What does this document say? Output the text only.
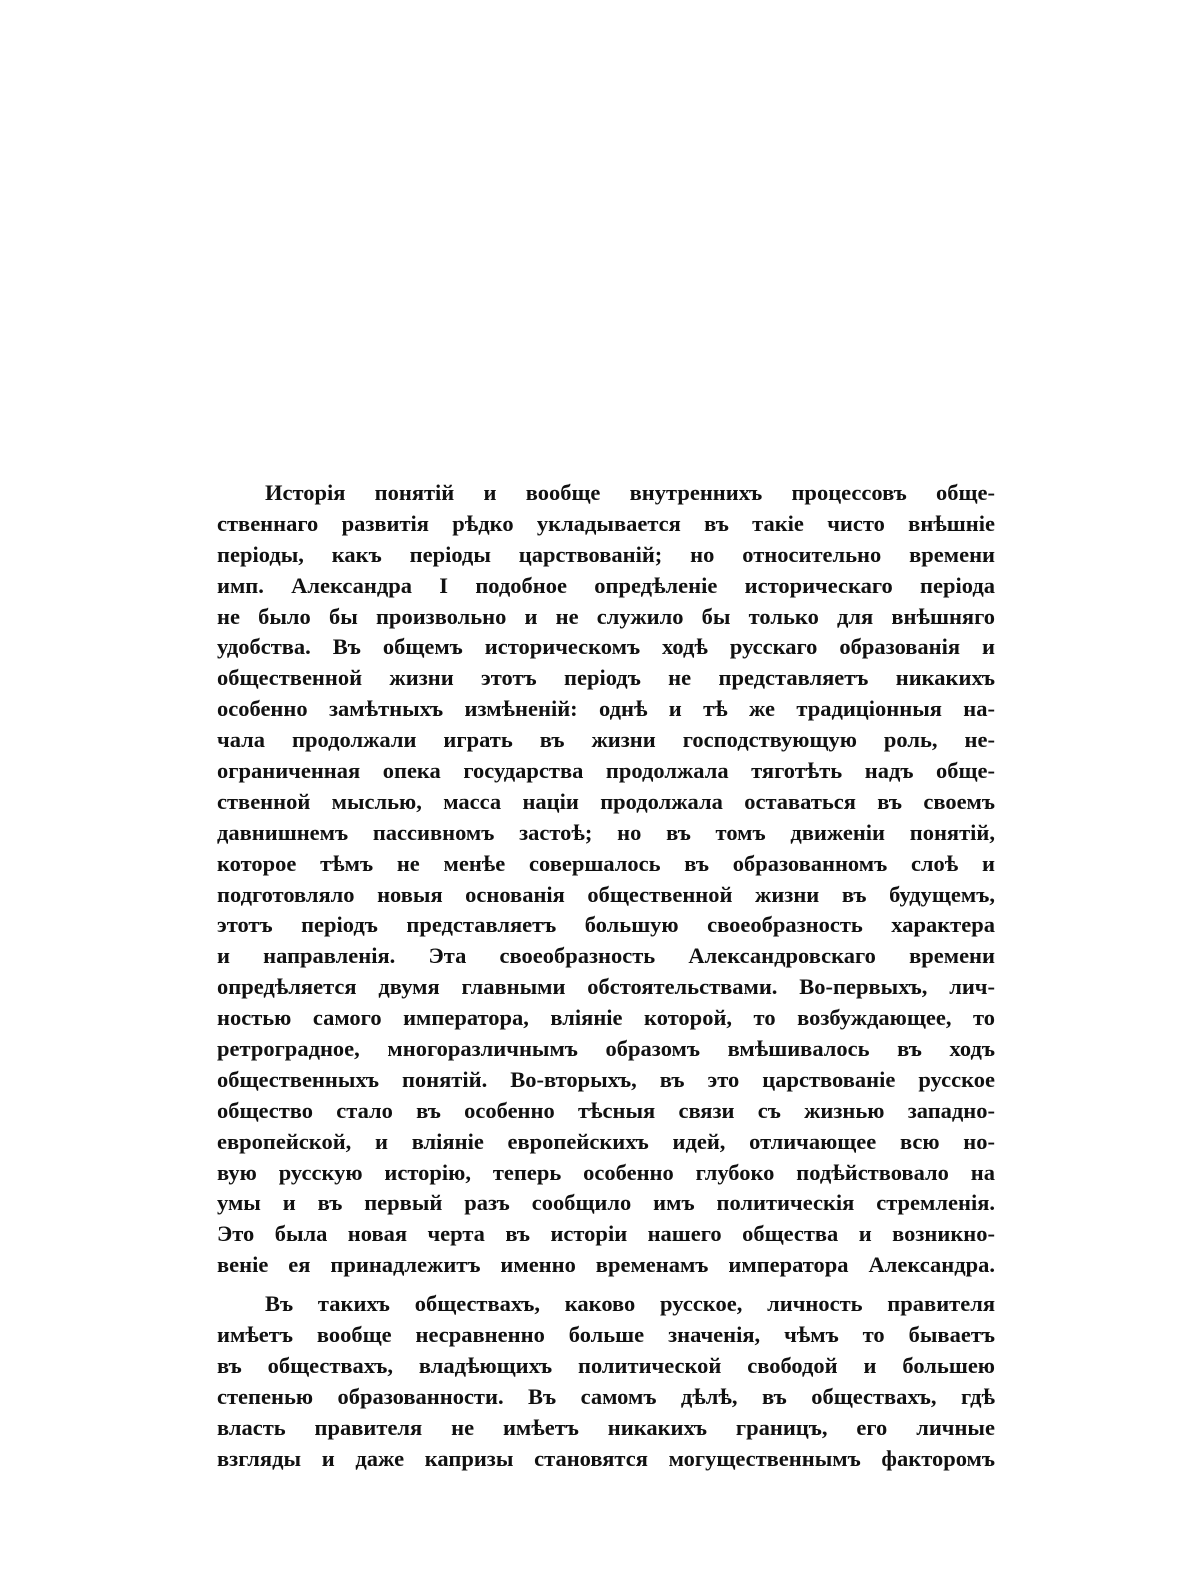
Исторія понятій и вообще внутреннихъ процессовъ обще-
ственнаго развитія рѣдко укладывается въ такіе чисто внѣшніе
періоды, какъ періоды царствованій; но относительно времени
имп. Александра I подобное опредѣленіе историческаго періода
не было бы произвольно и не служило бы только для внѣшняго
удобства. Въ общемъ историческомъ ходѣ русскаго образованія и
общественной жизни этотъ періодъ не представляетъ никакихъ
особенно замѣтныхъ измѣненій: однѣ и тѣ же традиціонныя на-
чала продолжали играть въ жизни господствующую роль, не-
ограниченная опека государства продолжала тяготѣть надъ обще-
ственной мыслью, масса націи продолжала оставаться въ своемъ
давнишнемъ пассивномъ застоѣ; но въ томъ движеніи понятій,
которое тѣмъ не менѣе совершалось въ образованномъ слоѣ и
подготовляло новыя основанія общественной жизни въ будущемъ,
этотъ періодъ представляетъ большую своеобразность характера
и направленія. Эта своеобразность Александровскаго времени
опредѣляется двумя главными обстоятельствами. Во-первыхъ, лич-
ностью самого императора, вліяніе которой, то возбуждающее, то
ретроградное, многоразличнымъ образомъ вмѣшивалось въ ходъ
общественныхъ понятій. Во-вторыхъ, въ это царствованіе русское
общество стало въ особенно тѣсныя связи съ жизнью западно-
европейской, и вліяніе европейскихъ идей, отличающее всю но-
вую русскую исторію, теперь особенно глубоко подѣйствовало на
умы и въ первый разъ сообщило имъ политическія стремленія.
Это была новая черта въ исторіи нашего общества и возникно-
веніе ея принадлежитъ именно временамъ императора Александра.
Въ такихъ обществахъ, каково русское, личность правителя
имѣетъ вообще несравненно больше значенія, чѣмъ то бываетъ
въ обществахъ, владѣющихъ политической свободой и большею
степенью образованности. Въ самомъ дѣлѣ, въ обществахъ, гдѣ
власть правителя не имѣетъ никакихъ границъ, его личные
взгляды и даже капризы становятся могущественнымъ факторомъ
